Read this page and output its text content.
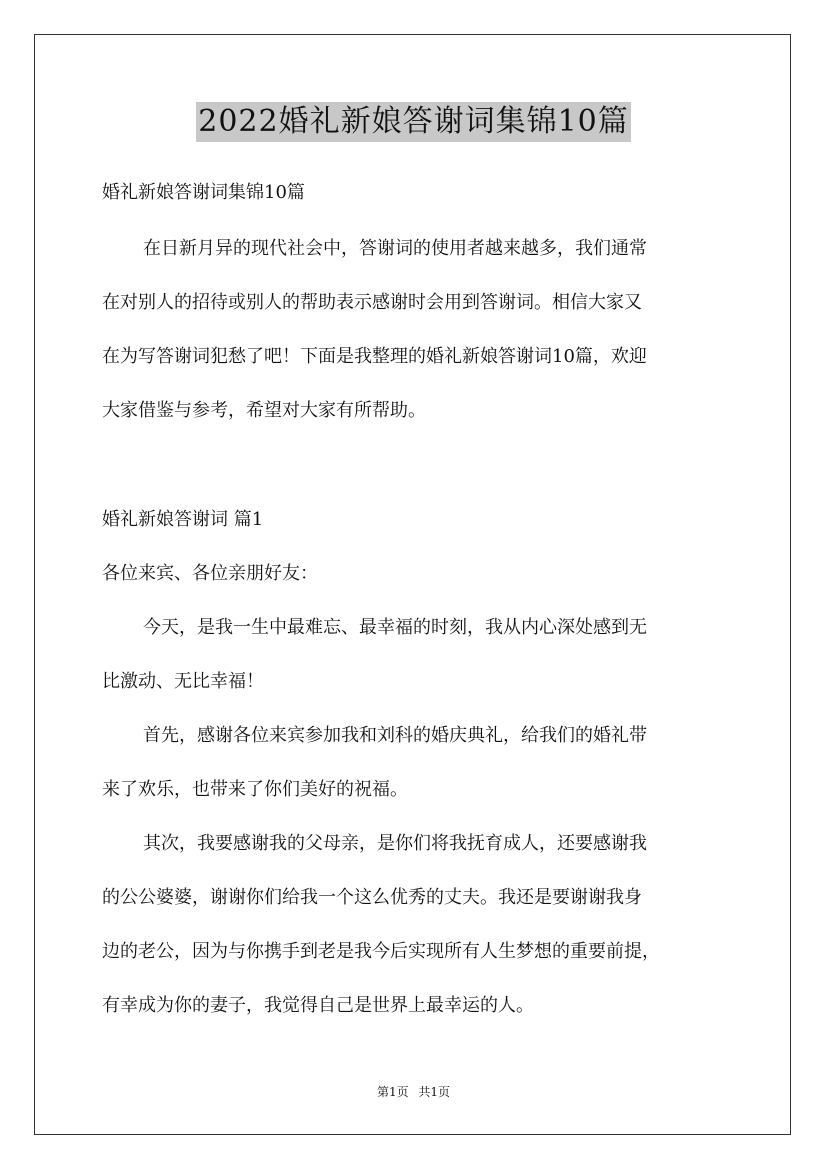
2022婚礼新娘答谢词集锦10篇
婚礼新娘答谢词集锦10篇
在日新月异的现代社会中，答谢词的使用者越来越多，我们通常
在对别人的招待或别人的帮助表示感谢时会用到答谢词。相信大家又
在为写答谢词犯愁了吧！下面是我整理的婚礼新娘答谢词10篇，欢迎
大家借鉴与参考，希望对大家有所帮助。
婚礼新娘答谢词 篇1
各位来宾、各位亲朋好友：
今天，是我一生中最难忘、最幸福的时刻，我从内心深处感到无
比激动、无比幸福！
首先，感谢各位来宾参加我和刘科的婚庆典礼，给我们的婚礼带
来了欢乐，也带来了你们美好的祝福。
其次，我要感谢我的父母亲，是你们将我抚育成人，还要感谢我
的公公婆婆，谢谢你们给我一个这么优秀的丈夫。我还是要谢谢我身
边的老公，因为与你携手到老是我今后实现所有人生梦想的重要前提，
有幸成为你的妻子，我觉得自己是世界上最幸运的人。
第1页 共1页
